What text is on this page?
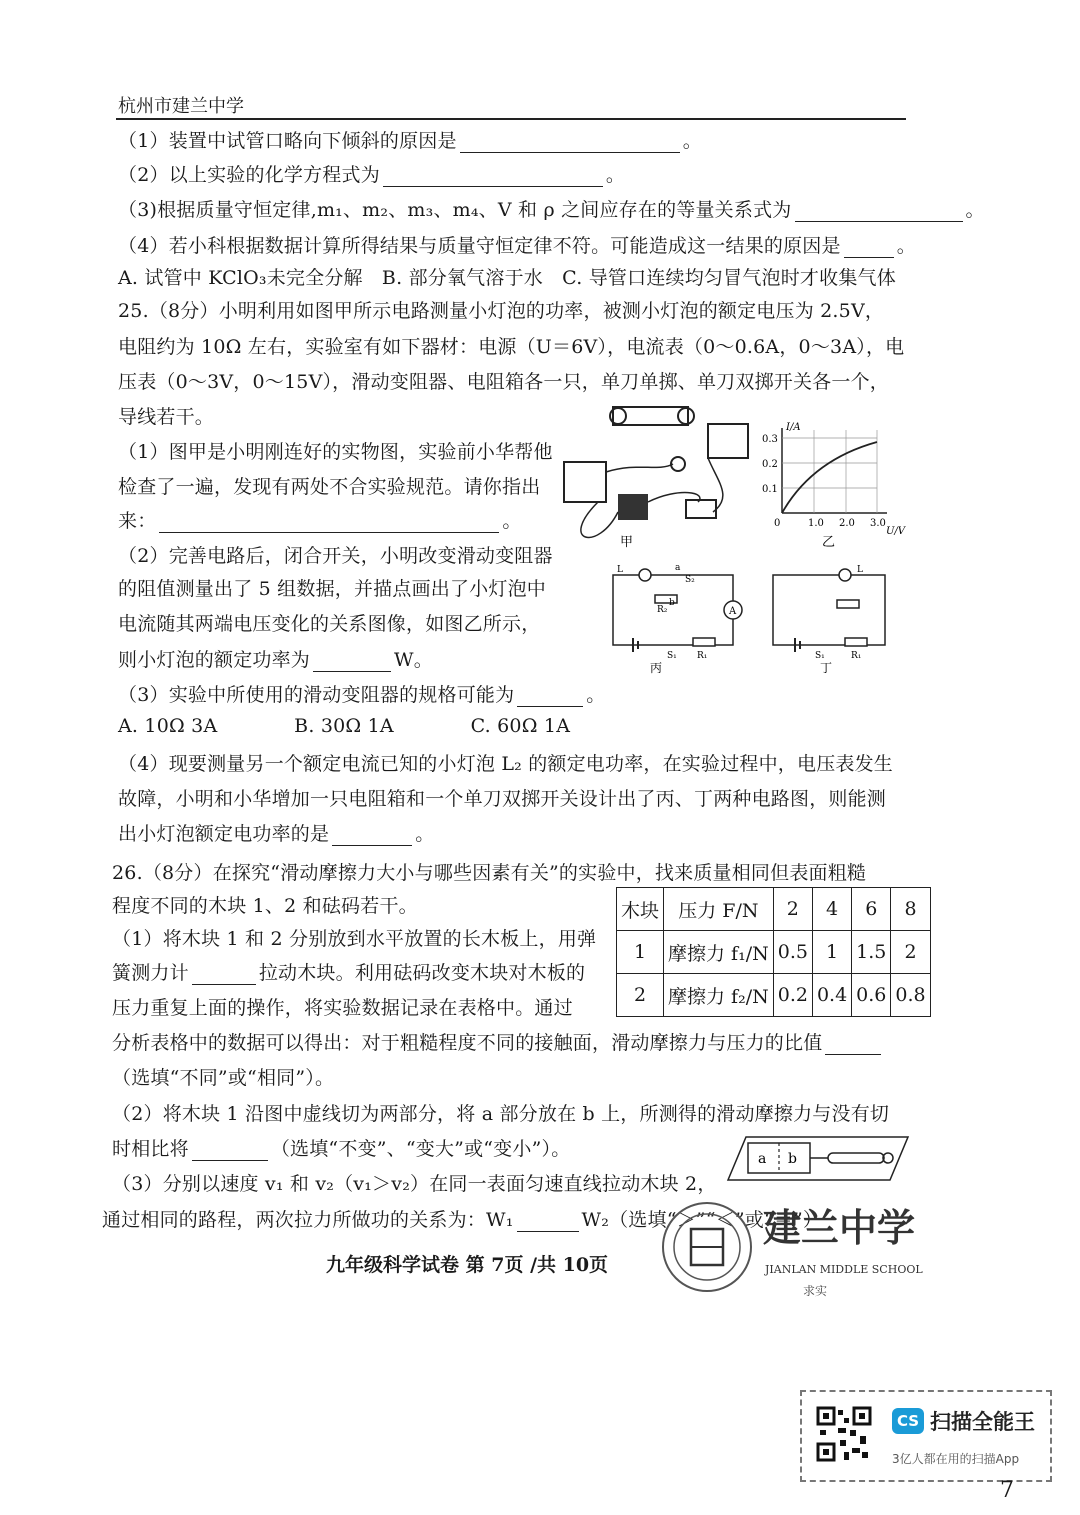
杭州市建兰中学
（1）装置中试管口略向下倾斜的原因是	。
（2）以上实验的化学方程式为	。
（3)根据质量守恒定律,m₁、m₂、m₃、m₄、V 和 ρ 之间应存在的等量关系式为	。
（4）若小科根据数据计算所得结果与质量守恒定律不符。可能造成这一结果的原因是	。
A. 试管中 KClO₃未完全分解　B. 部分氧气溶于水　C. 导管口连续均匀冒气泡时才收集气体
25.（8分）小明利用如图甲所示电路测量小灯泡的功率，被测小灯泡的额定电压为 2.5V，
电阻约为 10Ω 左右，实验室有如下器材：电源（U＝6V），电流表（0～0.6A，0～3A），电
压表（0～3V，0～15V），滑动变阻器、电阻箱各一只，单刀单掷、单刀双掷开关各一个，
导线若干。
（1）图甲是小明刚连好的实物图，实验前小华帮他
检查了一遍，发现有两处不合实验规范。请你指出
来：	。
（2）完善电路后，闭合开关，小明改变滑动变阻器
的阻值测量出了 5 组数据，并描点画出了小灯泡中
电流随其两端电压变化的关系图像，如图乙所示，
则小灯泡的额定功率为	W。
（3）实验中所使用的滑动变阻器的规格可能为	。
A. 10Ω 3A　　　　B. 30Ω 1A　　　　C. 60Ω 1A
（4）现要测量另一个额定电流已知的小灯泡 L₂ 的额定电功率，在实验过程中，电压表发生
故障，小明和小华增加一只电阻箱和一个单刀双掷开关设计出了丙、丁两种电路图，则能测
出小灯泡额定电功率的是	。
26.（8分）在探究“滑动摩擦力大小与哪些因素有关”的实验中，找来质量相同但表面粗糙
程度不同的木块 1、2 和砝码若干。
（1）将木块 1 和 2 分别放到水平放置的长木板上，用弹
簧测力计	拉动木块。利用砝码改变木块对木板的
压力重复上面的操作，将实验数据记录在表格中。通过
分析表格中的数据可以得出：对于粗糙程度不同的接触面，滑动摩擦力与压力的比值
（选填“不同”或“相同”）。
（2）将木块 1 沿图中虚线切为两部分，将 a 部分放在 b 上，所测得的滑动摩擦力与没有切
时相比将	（选填“不变”、“变大”或“变小”）。
（3）分别以速度 v₁ 和 v₂（v₁＞v₂）在同一表面匀速直线拉动木块 2，
通过相同的路程，两次拉力所做功的关系为：W₁	W₂（选填“＞”“＜”或“＝”）
甲
I/A
0.3
0.2
0.1
0	1.0 2.0 3.0
U/V
乙
A
L	a
b
S₂
R₂
S₁ R₁
丙
L
S₁	R₁
丁
木块	压力 F/N	2	4	6	8
1	摩擦力 f₁/N	0.5	1	1.5	2
2	摩擦力 f₂/N	0.2	0.4	0.6	0.8
a b
九年级科学试卷 第 7页 /共 10页
建兰中学
JIANLAN MIDDLE SCHOOL
求实
CS 扫描全能王
3亿人都在用的扫描App
7
